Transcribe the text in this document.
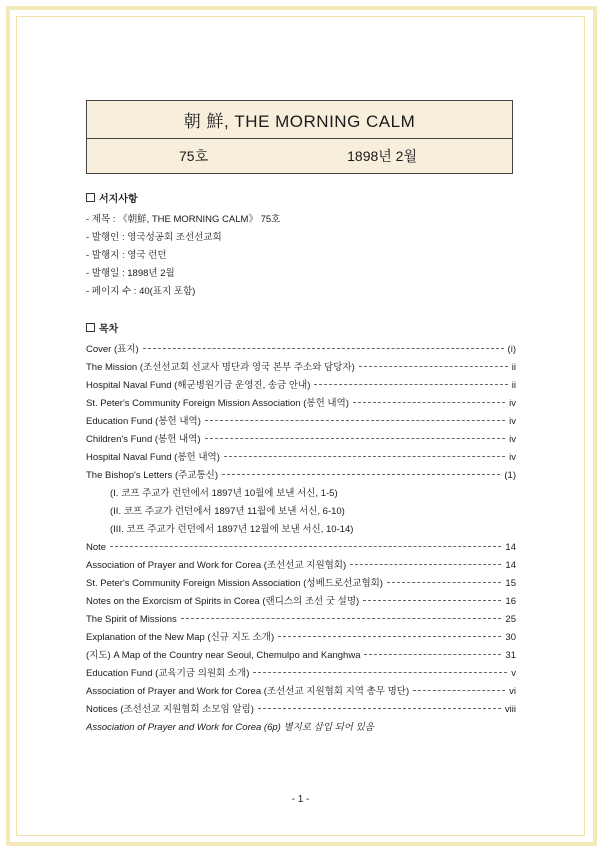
朝 鮮, THE MORNING CALM

75호	1898년 2월
서지사항
- 제목 : 《朝鮮, THE MORNING CALM》 75호
- 발행인 : 영국성공회 조선선교회
- 발행지 : 영국 런던
- 발행일 : 1898년 2월
- 페이지 수 : 40(표지 포함)
목차
Cover (표지)	(i)
The Mission (조선선교회 선교사 명단과 영국 본부 주소와 담당자)	ii
Hospital Naval Fund (해군병원기금 운영진, 송금 안내)	ii
St. Peter's Community Foreign Mission Association (봉헌 내역)	iv
Education Fund (봉헌 내역)	iv
Children's Fund (봉헌 내역)	iv
Hospital Naval Fund (봉헌 내역)	iv
The Bishop's Letters (주교통신)	(1)
(I. 코프 주교가 런던에서 1897년 10월에 보낸 서신, 1-5)
(II. 코프 주교가 런던에서 1897년 11월에 보낸 서신, 6-10)
(III. 코프 주교가 런던에서 1897년 12월에 보낸 서신, 10-14)
Note	14
Association of Prayer and Work for Corea (조선선교 지원협회)	14
St. Peter's Community Foreign Mission Association (성베드로선교협회)	15
Notes on the Exorcism of Spirits in Corea (랜디스의 조선 굿 설명)	16
The Spirit of Missions	25
Explanation of the New Map (신규 지도 소개)	30
(지도) A Map of the Country near Seoul, Chemulpo and Kanghwa	31
Education Fund (교육기금 의원회 소개)	v
Association of Prayer and Work for Corea (조선선교 지원협회 지역 총무 명단)	vi
Notices (조선선교 지원협회 소모임 알림)	viii
Association of Prayer and Work for Corea (6p) 별지로 삽입 되어 있음
- 1 -
